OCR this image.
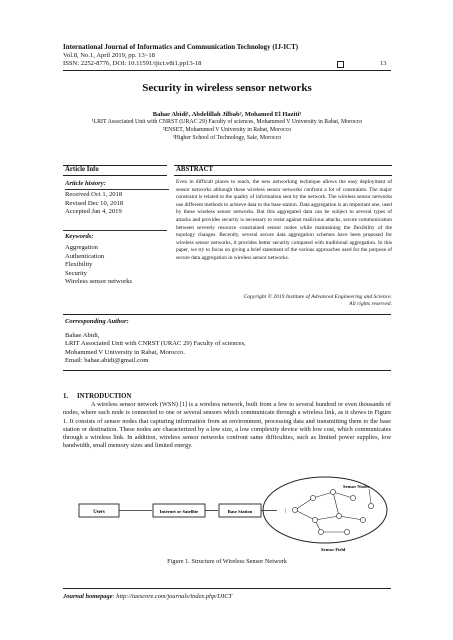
International Journal of Informatics and Communication Technology (IJ-ICT)
Vol.8, No.1, April 2019, pp. 13~18
ISSN: 2252-8776, DOI: 10.11591/ijict.v8i1.pp13-18	13
Security in wireless sensor networks
Bahae Abidi¹, Abdelillah Jilbab², Mohamed El Haziti³
¹LRIT Associated Unit with CNRST (URAC 29) Faculty of sciences, Mohammed V University in Rabat, Morocco
²ENSET, Mohammed V University in Rabat, Morocco
³Higher School of Technology, Sale, Morocco
Article Info	ABSTRACT
Article history:
Received Oct 1, 2018
Revised Dec 10, 2018
Accepted Jan 4, 2019
Keywords:
Aggregation
Authentication
Flexibility
Security
Wireless sensor networks
Even in difficult places to reach, the new networking technique allows the easy deployment of sensor networks although these wireless sensor networks confront a lot of constraints. The major constraint is related to the quality of information sent by the network. The wireless sensor networks use different methods to achieve data to the base station. Data aggregation is an important one, used by these wireless sensor networks. But this aggregated data can be subject to several types of attacks and provides security is necessary to resist against malicious attacks, secure communication between severely resource constrained sensor nodes while maintaining the flexibility of the topology changes. Recently, several secure data aggregation schemes have been proposed for wireless sensor networks, it provides better security compared with traditional aggregation. In this paper, we try to focus on giving a brief statement of the various approaches used for the purpose of secure data aggregation in wireless sensor networks.
Copyright © 2019 Institute of Advanced Engineering and Science.
All rights reserved.
Corresponding Author:
Bahae Abidi,
LRIT Associated Unit with CNRST (URAC 29) Faculty of sciences,
Mohammed V University in Rabat, Morocco.
Email: bahae.abidi@gmail.com
1. INTRODUCTION
A wireless sensor network (WSN) [1] is a wireless network, built from a few to several hundred or even thousands of nodes, where each node is connected to one or several sensors which communicate through a wireless link, as it shows in Figure 1. It consists of sensor nodes that capturing information from an environment, processing data and transmitting them to the base station or destination. These nodes are characterized by a low size, a low complexity device with low cost, which communicates through a wireless link. In addition, wireless sensor networks confront same difficulties, such as limited power supplies, low bandwidth, small memory sizes and limited energy.
Users	Internet or Satellite	Base Station	|
Sensor Nodes
Sensor Field
Figure 1. Structure of Wireless Sensor Network
Journal homepage: http://iaescore.com/journals/index.php/IJICT
